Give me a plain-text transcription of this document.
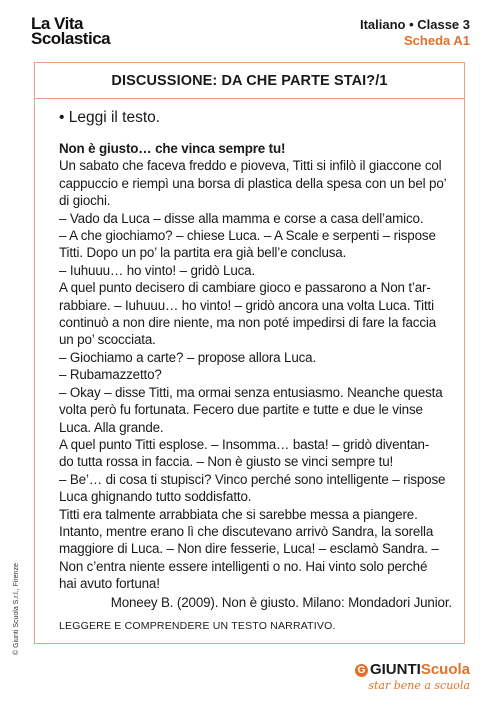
La Vita
Scolastica
Italiano • Classe 3
Scheda A1
DISCUSSIONE: DA CHE PARTE STAI?/1
• Leggi il testo.

Non è giusto… che vinca sempre tu!

Un sabato che faceva freddo e pioveva, Titti si infilò il giaccone col

cappuccio e riempì una borsa di plastica della spesa con un bel po’

di giochi.

– Vado da Luca – disse alla mamma e corse a casa dell’amico.

– A che giochiamo? – chiese Luca. – A Scale e serpenti – rispose

Titti. Dopo un po’ la partita era già bell’e conclusa.

– Iuhuuu… ho vinto! – gridò Luca.

A quel punto decisero di cambiare gioco e passarono a Non t’ar-

rabbiare. – Iuhuuu… ho vinto! – gridò ancora una volta Luca. Titti

continuò a non dire niente, ma non poté impedirsi di fare la faccia

un po’ scocciata.

– Giochiamo a carte? – propose allora Luca.

– Rubamazzetto?

– Okay – disse Titti, ma ormai senza entusiasmo. Neanche questa

volta però fu fortunata. Fecero due partite e tutte e due le vinse

Luca. Alla grande.

A quel punto Titti esplose. – Insomma… basta! – gridò diventan-

do tutta rossa in faccia. – Non è giusto se vinci sempre tu!

– Be’… di cosa ti stupisci? Vinco perché sono intelligente – rispose

Luca ghignando tutto soddisfatto.

Titti era talmente arrabbiata che si sarebbe messa a piangere.

Intanto, mentre erano lì che discutevano arrivò Sandra, la sorella

maggiore di Luca. – Non dire fesserie, Luca! – esclamò Sandra. –

Non c’entra niente essere intelligenti o no. Hai vinto solo perché

hai avuto fortuna!

Moneey B. (2009). Non è giusto. Milano: Mondadori Junior.

LEGGERE E COMPRENDERE UN TESTO NARRATIVO.
© Giunti Scuola S.r.l., Firenze
G GIUNTIScuola
star bene a scuola
